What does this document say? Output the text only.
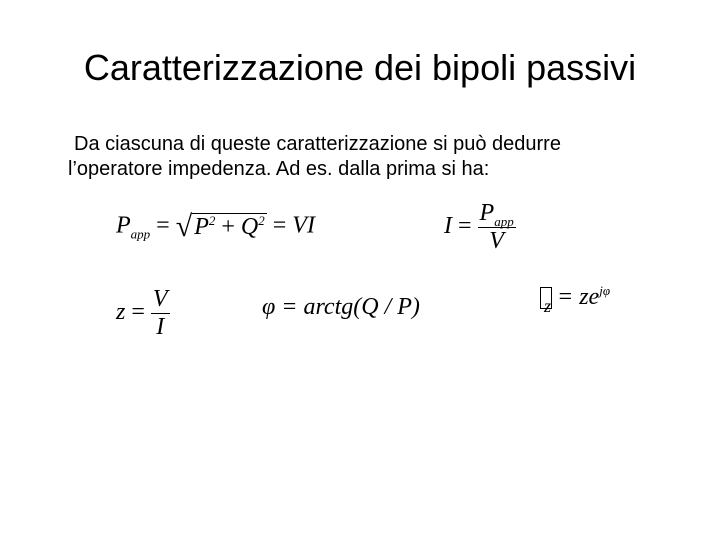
Caratterizzazione dei bipoli passivi
Da ciascuna di queste caratterizzazione si può dedurre
l’operatore impedenza. Ad es. dalla prima si ha:
$P_{app} = √P^2 + Q^2$ = VI	$I = \frac{P_{app}}{V}$
$z = \frac{V}{I}$	φ = arctg(Q / P)	$_z = ze^{j\varphi}$
